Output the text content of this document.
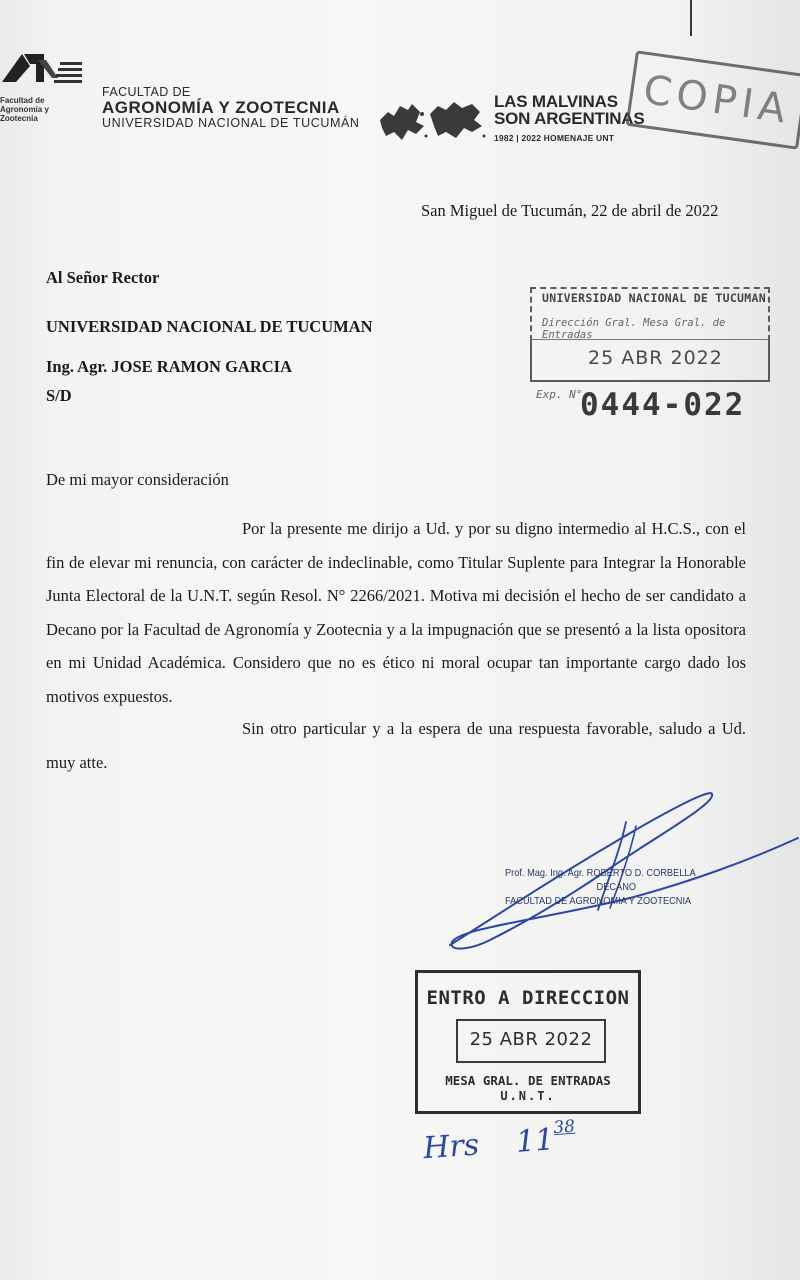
Facultad de Agronomía y Zootecnia
FACULTAD DE
AGRONOMÍA Y ZOOTECNIA
UNIVERSIDAD NACIONAL DE TUCUMÁN
LAS MALVINAS
SON ARGENTINAS
1982 | 2022 HOMENAJE UNT
COPIA
San Miguel de Tucumán, 22 de abril de 2022
Al Señor Rector
UNIVERSIDAD NACIONAL DE TUCUMAN
Ing. Agr. JOSE RAMON GARCIA
S/D
UNIVERSIDAD NACIONAL DE TUCUMAN
Dirección Gral. Mesa Gral. de Entradas
25 ABR 2022
Exp. N°
0444-022
De mi mayor consideración

Por la presente me dirijo a Ud. y por su digno intermedio al H.C.S., con el fin de elevar mi renuncia, con carácter de indeclinable, como Titular Suplente para Integrar la Honorable Junta Electoral de la U.N.T. según Resol. N° 2266/2021. Motiva mi decisión el hecho de ser candidato a Decano por la Facultad de Agronomía y Zootecnia y a la impugnación que se presentó a la lista opositora en mi Unidad Académica. Considero que no es ético ni moral ocupar tan importante cargo dado los motivos expuestos.

Sin otro particular y a la espera de una respuesta favorable, saludo a Ud. muy atte.

Prof. Mag. Ing. Agr. ROBERTO D. CORBELLA
DECANO
FACULTAD DE AGRONOMIA Y ZOOTECNIA
ENTRO A DIRECCION
25 ABR 2022
MESA GRAL. DE ENTRADAS
U.N.T.
Hrs $11^{38}$
